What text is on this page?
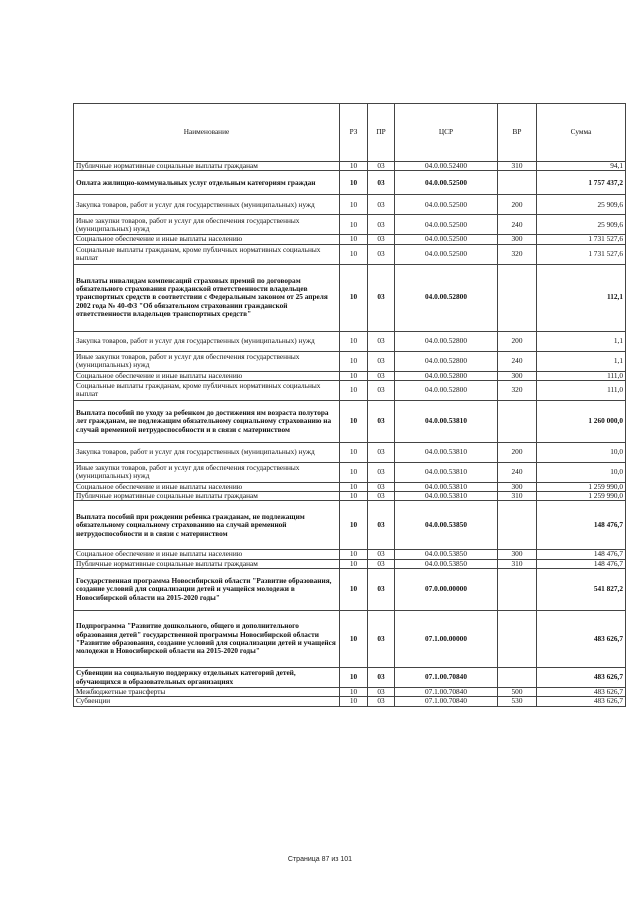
Наименование	РЗ	ПР	ЦСР	ВР	Сумма
Публичные нормативные социальные выплаты гражданам	10	03	04.0.00.52400	310	94,1
Оплата жилищно-коммунальных услуг отдельным категориям граждан	10	03	04.0.00.52500		1 757 437,2
Закупка товаров, работ и услуг для государственных (муниципальных) нужд	10	03	04.0.00.52500	200	25 909,6
Иные закупки товаров, работ и услуг для обеспечения государственных (муниципальных) нужд	10	03	04.0.00.52500	240	25 909,6
Социальное обеспечение и иные выплаты населению	10	03	04.0.00.52500	300	1 731 527,6
Социальные выплаты гражданам, кроме публичных нормативных социальных выплат	10	03	04.0.00.52500	320	1 731 527,6
Выплаты инвалидам компенсаций страховых премий по договорам обязательного страхования гражданской ответственности владельцев транспортных средств в соответствии с Федеральным законом от 25 апреля 2002 года № 40-ФЗ "Об обязательном страховании гражданской ответственности владельцев транспортных средств"	10	03	04.0.00.52800		112,1
Закупка товаров, работ и услуг для государственных (муниципальных) нужд	10	03	04.0.00.52800	200	1,1
Иные закупки товаров, работ и услуг для обеспечения государственных (муниципальных) нужд	10	03	04.0.00.52800	240	1,1
Социальное обеспечение и иные выплаты населению	10	03	04.0.00.52800	300	111,0
Социальные выплаты гражданам, кроме публичных нормативных социальных выплат	10	03	04.0.00.52800	320	111,0
Выплата пособий по уходу за ребенком до достижения им возраста полутора лет гражданам, не подлежащим обязательному социальному страхованию на случай временной нетрудоспособности и в связи с материнством	10	03	04.0.00.53810		1 260 000,0
Закупка товаров, работ и услуг для государственных (муниципальных) нужд	10	03	04.0.00.53810	200	10,0
Иные закупки товаров, работ и услуг для обеспечения государственных (муниципальных) нужд	10	03	04.0.00.53810	240	10,0
Социальное обеспечение и иные выплаты населению	10	03	04.0.00.53810	300	1 259 990,0
Публичные нормативные социальные выплаты гражданам	10	03	04.0.00.53810	310	1 259 990,0
Выплата пособий при рождении ребенка гражданам, не подлежащим обязательному социальному страхованию на случай временной нетрудоспособности и в связи с материнством	10	03	04.0.00.53850		148 476,7
Социальное обеспечение и иные выплаты населению	10	03	04.0.00.53850	300	148 476,7
Публичные нормативные социальные выплаты гражданам	10	03	04.0.00.53850	310	148 476,7
Государственная программа Новосибирской области "Развитие образования, создание условий для социализации детей и учащейся молодежи в Новосибирской области на 2015-2020 годы"	10	03	07.0.00.00000		541 827,2
Подпрограмма "Развитие дошкольного, общего и дополнительного образования детей" государственной программы Новосибирской области "Развитие образования, создание условий для социализации детей и учащейся молодежи в Новосибирской области на 2015-2020 годы"	10	03	07.1.00.00000		483 626,7
Субвенции на социальную поддержку отдельных категорий детей, обучающихся в образовательных организациях	10	03	07.1.00.70840		483 626,7
Межбюджетные трансферты	10	03	07.1.00.70840	500	483 626,7
Субвенции	10	03	07.1.00.70840	530	483 626,7
Страница 87 из 101
